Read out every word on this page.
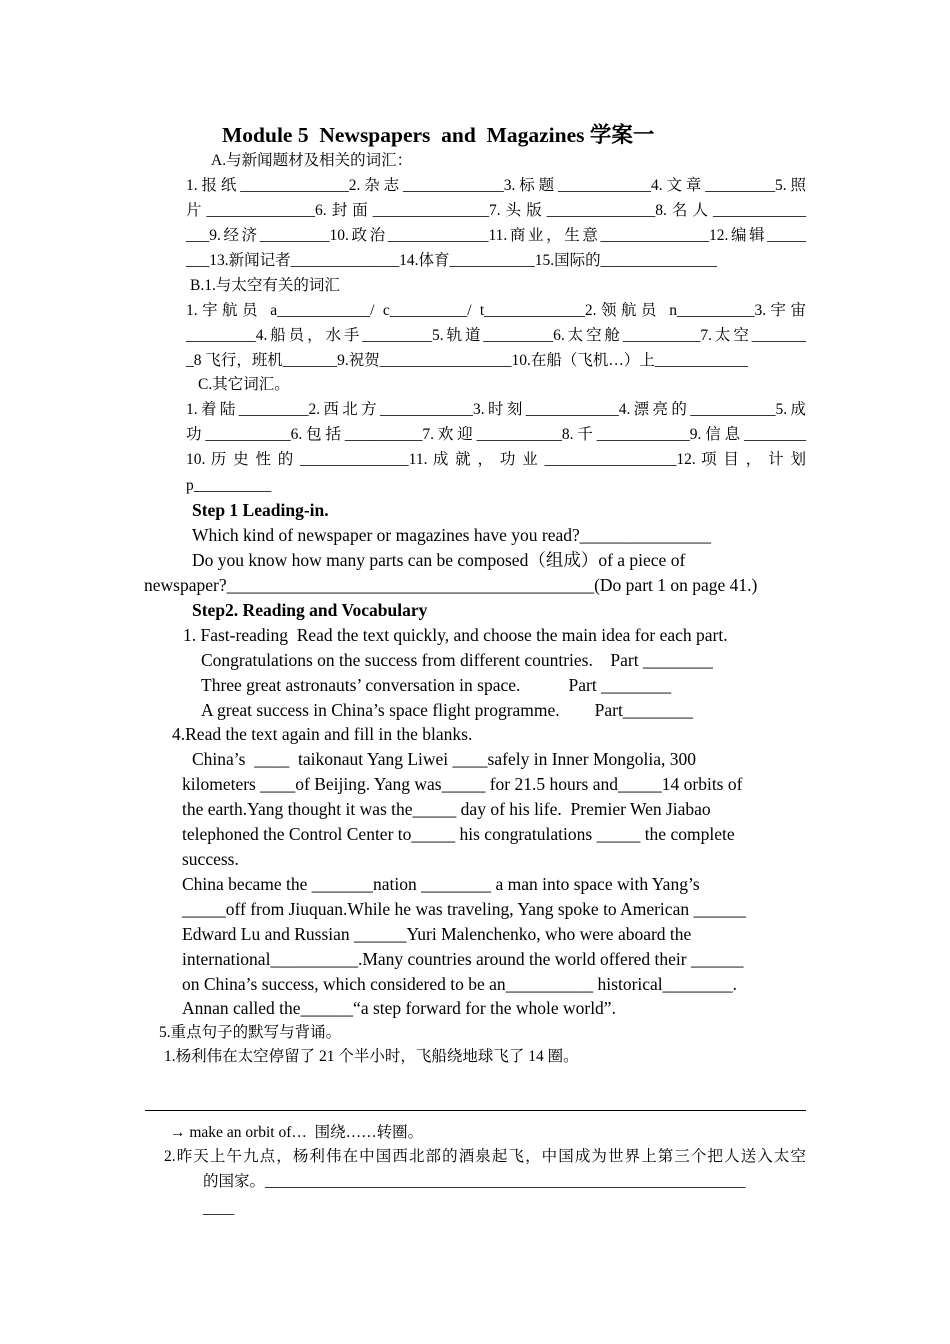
Module 5  Newspapers  and  Magazines 学案一
A.与新闻题材及相关的词汇：
1.报纸______________2.杂志_____________3.标题____________4.文章_________5.照
片______________6.封面_______________7.头版______________8.名人____________
___9.经济_________10.政治_____________11.商业，生意______________12.编辑_____
___13.新闻记者______________14.体育___________15.国际的_______________
B.1.与太空有关的词汇
1.宇航员 a____________/ c__________/ t_____________2.领航员 n__________3.宇宙
_________4.船员，水手_________5.轨道_________6.太空舱__________7.太空_______
_8 飞行，班机_______9.祝贺_________________10.在船（飞机…）上____________
C.其它词汇。
1.着陆_________2.西北方____________3.时刻____________4.漂亮的___________5.成
功___________6.包括__________7.欢迎___________8.千____________9.信息________
10. 历 史 性 的 ______________11. 成 就 ， 功 业 _________________12. 项 目 ， 计 划
p__________
Step 1 Leading-in.
Which kind of newspaper or magazines have you read?_______________
Do you know how many parts can be composed（组成）of a piece of
newspaper?__________________________________________(Do part 1 on page 41.)
Step2. Reading and Vocabulary
1. Fast-reading  Read the text quickly, and choose the main idea for each part.
Congratulations on the success from different countries.    Part ________
Three great astronauts’ conversation in space.           Part ________
A great success in China’s space flight programme.        Part________
4.Read the text again and fill in the blanks.
China’s  ____  taikonaut Yang Liwei ____safely in Inner Mongolia, 300
kilometers ____of Beijing. Yang was_____ for 21.5 hours and_____14 orbits of
the earth.Yang thought it was the_____ day of his life.  Premier Wen Jiabao
telephoned the Control Center to_____ his congratulations _____ the complete
success.
China became the _______nation ________ a man into space with Yang’s
_____off from Jiuquan.While he was traveling, Yang spoke to American ______
Edward Lu and Russian ______Yuri Malenchenko, who were aboard the
international__________.Many countries around the world offered their ______
on China’s success, which considered to be an__________ historical________.
Annan called the______“a step forward for the whole world”.
5.重点句子的默写与背诵。
1.杨利伟在太空停留了 21 个半小时，飞船绕地球飞了 14 圈。
→ make an orbit of…  围绕……转圈。
2.昨天上午九点，杨利伟在中国西北部的酒泉起飞，中国成为世界上第三个把人送入太空
的国家。______________________________________________________________
____
